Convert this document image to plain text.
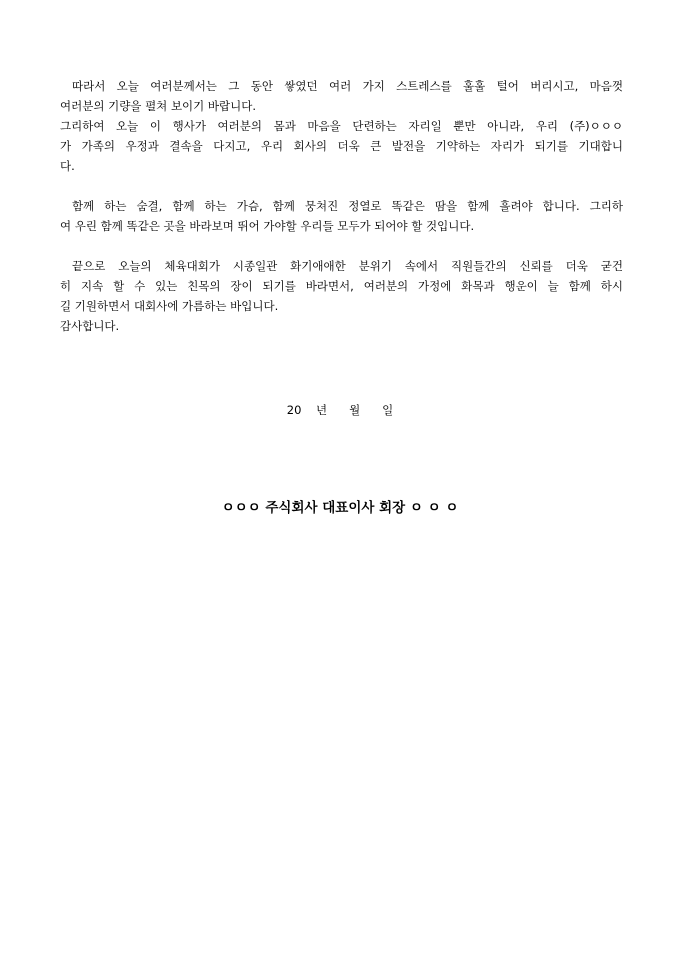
따라서 오늘 여러분께서는 그 동안 쌓였던 여러 가지 스트레스를 훌훌 털어 버리시고, 마음껏
여러분의 기량을 펼쳐 보이기 바랍니다.
그리하여 오늘 이 행사가 여러분의 몸과 마음을 단련하는 자리일 뿐만 아니라, 우리 (주)ㅇㅇㅇ
가 가족의 우정과 결속을 다지고, 우리 회사의 더욱 큰 발전을 기약하는 자리가 되기를 기대합니
다.
함께 하는 숨결, 함께 하는 가슴, 함께 뭉쳐진 정열로 똑같은 땀을 함께 흘려야 합니다. 그리하
여 우린 함께 똑같은 곳을 바라보며 뛰어 가야할 우리들 모두가 되어야 할 것입니다.
끝으로 오늘의 체육대회가 시종일관 화기애애한 분위기 속에서 직원들간의 신뢰를 더욱 굳건
히 지속 할 수 있는 친목의 장이 되기를 바라면서, 여러분의 가정에 화목과 행운이 늘 함께 하시
길 기원하면서 대회사에 가름하는 바입니다.
감사합니다.
20    년      월      일
ㅇㅇㅇ 주식회사 대표이사 회장 ㅇ ㅇ ㅇ
